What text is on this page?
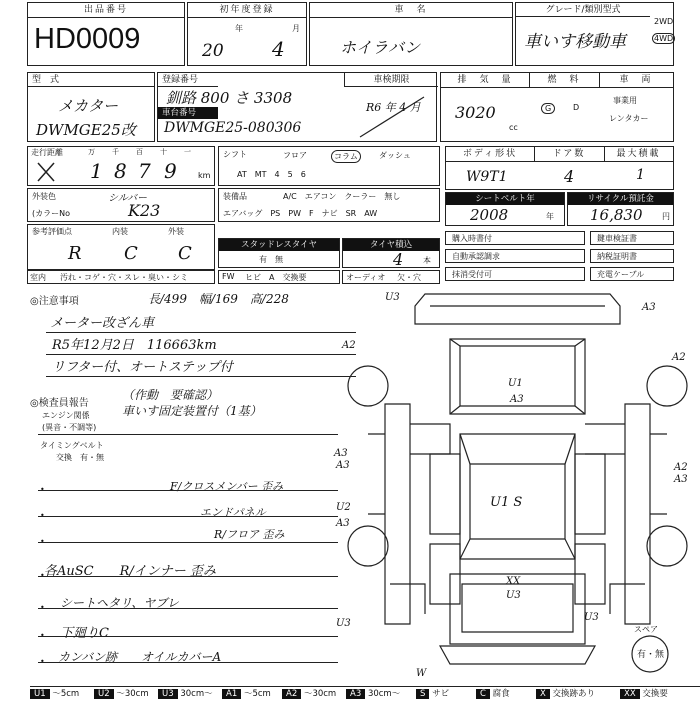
出品番号
HD0009
初年度登録
年	月
20 4
車　名
ホイラバン
グレード/類別型式
車いす移動車
2WD
4WD
型　式
メカター
DWMGE25改
登録番号	車検期限
釧路 800 さ 3308
車台番号
DWMGE25-080306
R6 年 4 月
排　気　量	燃　料	車　両
3020
cc
G	D
事業用
レンタカー
走行距離	万 千 百 十 一
1 8 7 9	km
シフト	フロア	コラム	ダッシュ
AT　MT　4　5　6
ボディ形状	ドア数	最大積載
W9T1	4	1
外装色	シルバー
(カラーNo	K23
装備品	A/C　エアコン　クーラー　無し
エアバッグ　PS　PW　F　ナビ　SR　AW
シートベルト年
2008	年
リサイクル預託金
16,830 円
参考評価点	内装	外装
R C C	スタッドレスタイヤ
有　無
タイヤ積込
4 本
購入時書付
自動承認調求
抹消受付可
鍵車検証書
納税証明書
充電ケーブル
室内 汚れ・コゲ・穴・スレ・臭い・シミ	FW ヒビ　A　交換要	オーディオ 欠・穴
◎注意事項	長/499　幅/169　高/228
メーター改ざん車
R5年12月2日　116663km
リフター付、オートステップ付
◎検査員報告
（作動　要確認）
車いす固定装置付（1基）
エンジン関係
(異音・不調等)
タイミングベルト
交換　有・無
F/クロスメンバー 歪み
エンドパネル
R/フロア 歪み
各AuSC　　R/インナー 歪み
シートヘタリ、ヤブレ
下廻りC
カンバン跡　　オイルカバーA
•
•
•
•
•
•
•
U3
A3
A2
A2
U1
A3
A3
A3	A2
A3
U2
A3
U1 S
XX
U3
U3
U3
W
スペア
有・無
U1 〜5cm	U2 〜30cm	U3 30cm〜	A1 〜5cm	A2 〜30cm	A3 30cm〜	S サビ	C 腐食	X 交換跡あり	XX 交換要
